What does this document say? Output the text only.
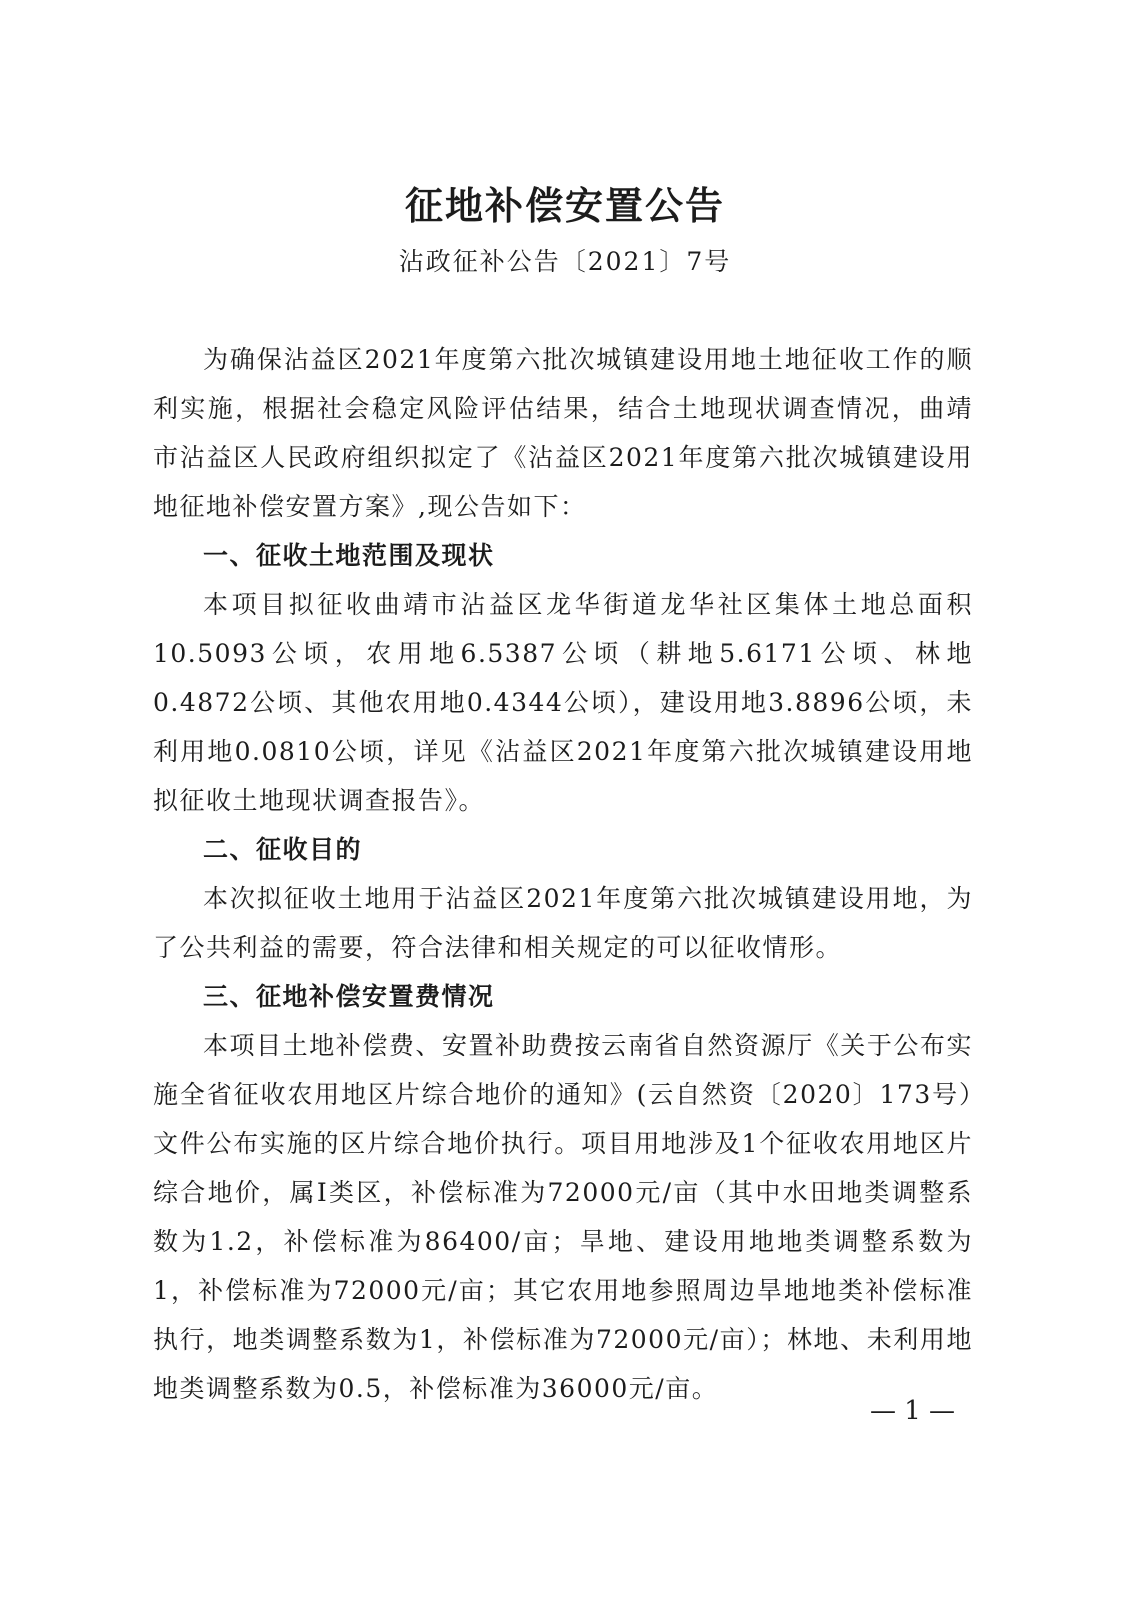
征地补偿安置公告
沾政征补公告〔2021〕7号

为确保沾益区2021年度第六批次城镇建设用地土地征收工作的顺利实施，根据社会稳定风险评估结果，结合土地现状调查情况，曲靖市沾益区人民政府组织拟定了《沾益区2021年度第六批次城镇建设用地征地补偿安置方案》,现公告如下：

一、征收土地范围及现状

本项目拟征收曲靖市沾益区龙华街道龙华社区集体土地总面积10.5093公顷，农用地6.5387公顷（耕地5.6171公顷、林地0.4872公顷、其他农用地0.4344公顷），建设用地3.8896公顷，未利用地0.0810公顷，详见《沾益区2021年度第六批次城镇建设用地拟征收土地现状调查报告》。

二、征收目的

本次拟征收土地用于沾益区2021年度第六批次城镇建设用地，为了公共利益的需要，符合法律和相关规定的可以征收情形。

三、征地补偿安置费情况

本项目土地补偿费、安置补助费按云南省自然资源厅《关于公布实施全省征收农用地区片综合地价的通知》(云自然资〔2020〕173号）文件公布实施的区片综合地价执行。项目用地涉及1个征收农用地区片综合地价，属Ⅰ类区，补偿标准为72000元/亩（其中水田地类调整系数为1.2，补偿标准为86400/亩；旱地、建设用地地类调整系数为1，补偿标准为72000元/亩；其它农用地参照周边旱地地类补偿标准执行，地类调整系数为1，补偿标准为72000元/亩）；林地、未利用地地类调整系数为0.5，补偿标准为36000元/亩。

— 1 —
